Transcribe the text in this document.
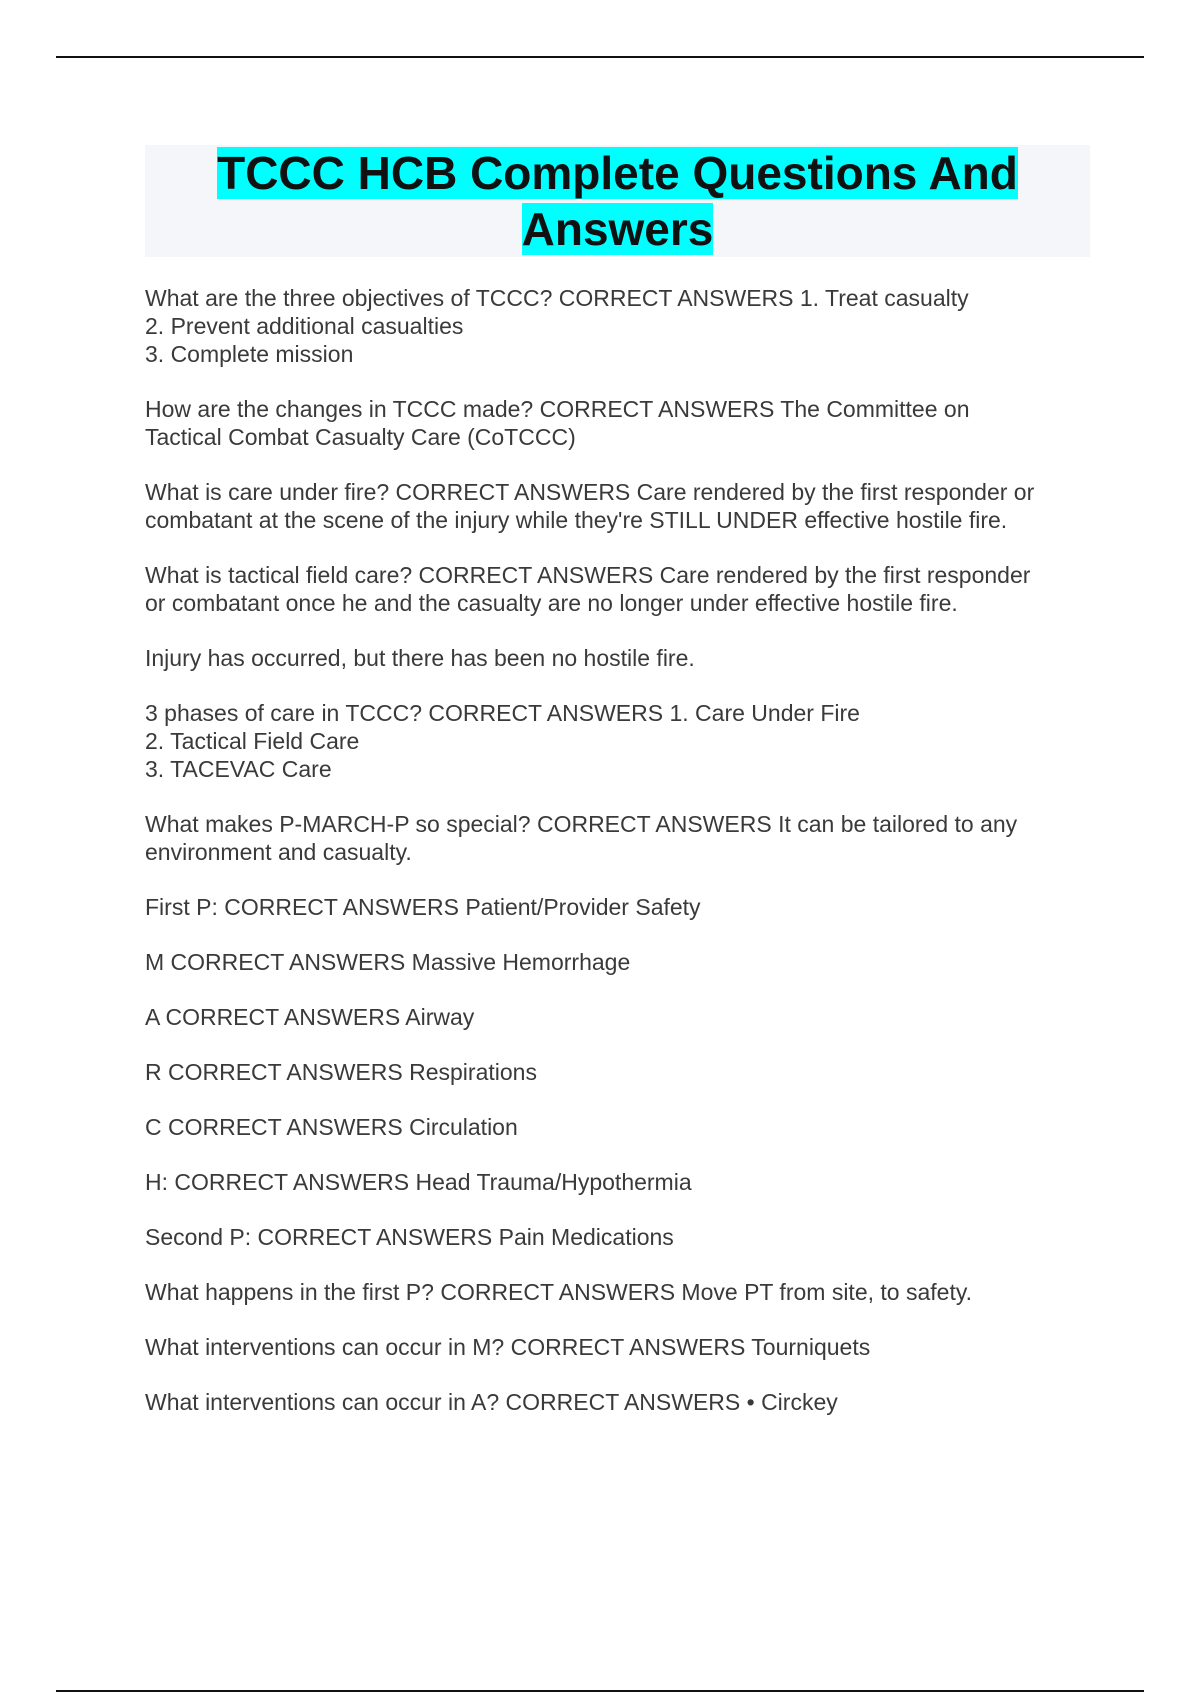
TCCC HCB Complete Questions And Answers

What are the three objectives of TCCC? CORRECT ANSWERS 1. Treat casualty
2. Prevent additional casualties
3. Complete mission

How are the changes in TCCC made? CORRECT ANSWERS The Committee on
Tactical Combat Casualty Care (CoTCCC)

What is care under fire? CORRECT ANSWERS Care rendered by the first responder or
combatant at the scene of the injury while they're STILL UNDER effective hostile fire.

What is tactical field care? CORRECT ANSWERS Care rendered by the first responder
or combatant once he and the casualty are no longer under effective hostile fire.

Injury has occurred, but there has been no hostile fire.

3 phases of care in TCCC? CORRECT ANSWERS 1. Care Under Fire
2. Tactical Field Care
3. TACEVAC Care

What makes P-MARCH-P so special? CORRECT ANSWERS It can be tailored to any
environment and casualty.

First P: CORRECT ANSWERS Patient/Provider Safety

M CORRECT ANSWERS Massive Hemorrhage

A CORRECT ANSWERS Airway

R CORRECT ANSWERS Respirations

C CORRECT ANSWERS Circulation

H: CORRECT ANSWERS Head Trauma/Hypothermia

Second P: CORRECT ANSWERS Pain Medications

What happens in the first P? CORRECT ANSWERS Move PT from site, to safety.

What interventions can occur in M? CORRECT ANSWERS Tourniquets

What interventions can occur in A? CORRECT ANSWERS • Circkey
